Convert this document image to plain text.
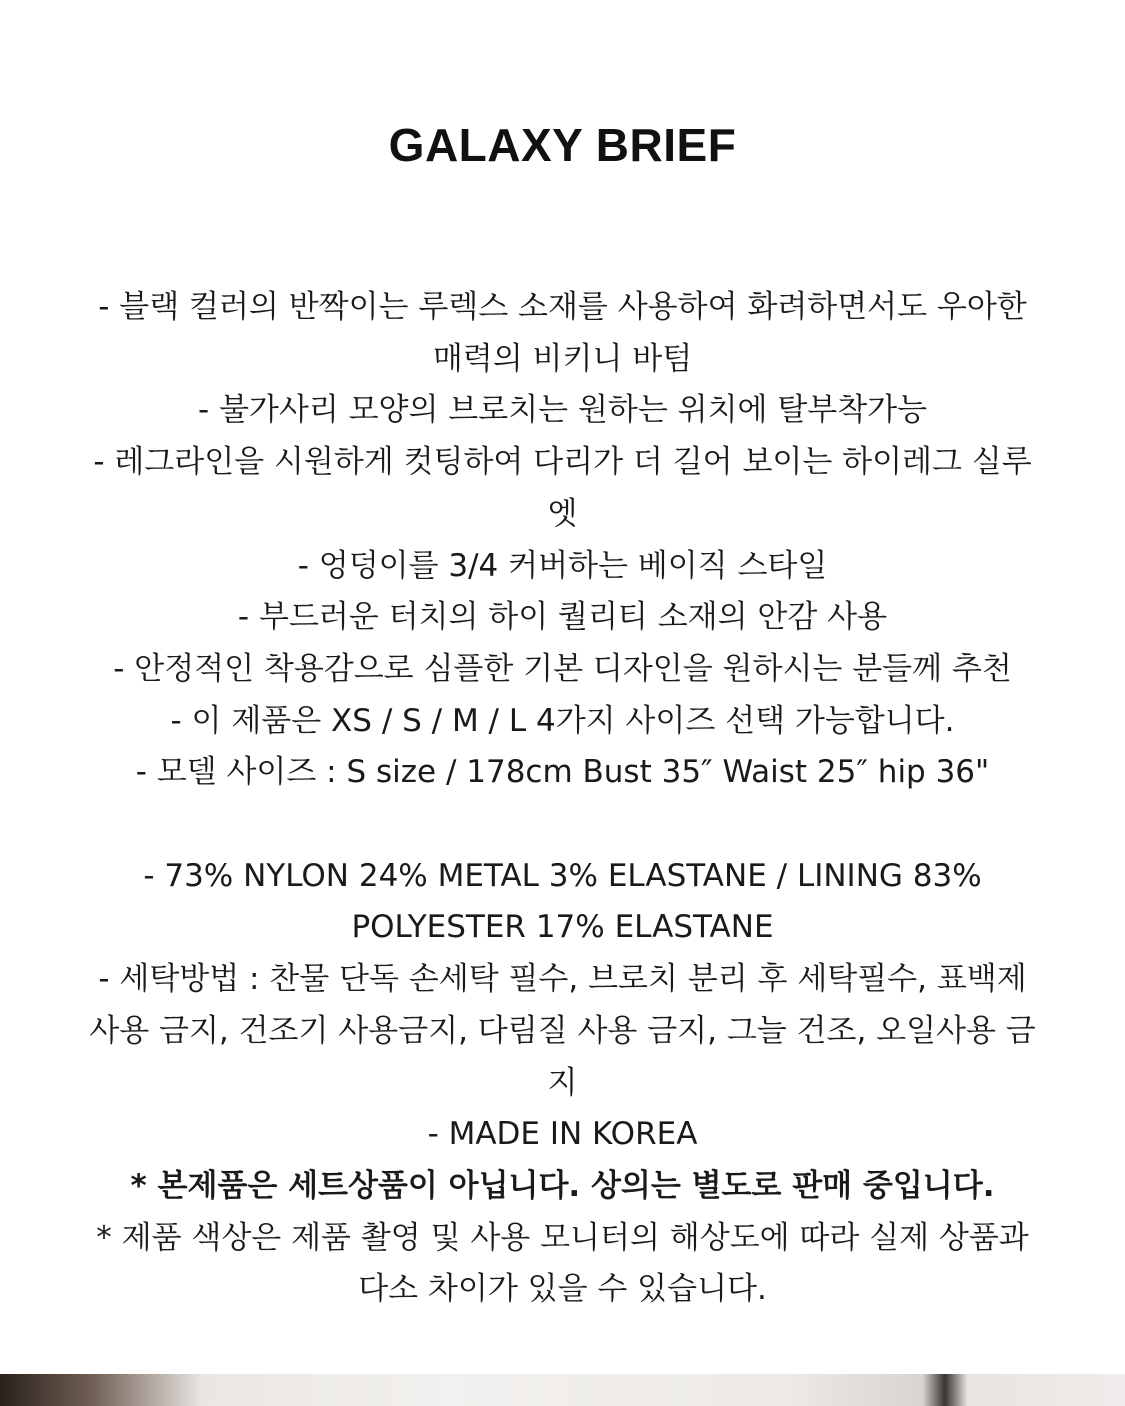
GALAXY BRIEF
- 블랙 컬러의 반짝이는 루렉스 소재를 사용하여 화려하면서도 우아한
매력의 비키니 바텀
- 불가사리 모양의 브로치는 원하는 위치에 탈부착가능
- 레그라인을 시원하게 컷팅하여 다리가 더 길어 보이는 하이레그 실루
엣
- 엉덩이를 3/4 커버하는 베이직 스타일
- 부드러운 터치의 하이 퀄리티 소재의 안감 사용
- 안정적인 착용감으로 심플한 기본 디자인을 원하시는 분들께 추천
- 이 제품은 XS / S / M / L 4가지 사이즈 선택 가능합니다.
- 모델 사이즈 : S size / 178cm Bust 35″ Waist 25″ hip 36"
- 73% NYLON 24% METAL 3% ELASTANE / LINING 83%
POLYESTER 17% ELASTANE
- 세탁방법 : 찬물 단독 손세탁 필수, 브로치 분리 후 세탁필수, 표백제
사용 금지, 건조기 사용금지, 다림질 사용 금지, 그늘 건조, 오일사용 금
지
- MADE IN KOREA
* 본제품은 세트상품이 아닙니다. 상의는 별도로 판매 중입니다.
* 제품 색상은 제품 촬영 및 사용 모니터의 해상도에 따라 실제 상품과
다소 차이가 있을 수 있습니다.
